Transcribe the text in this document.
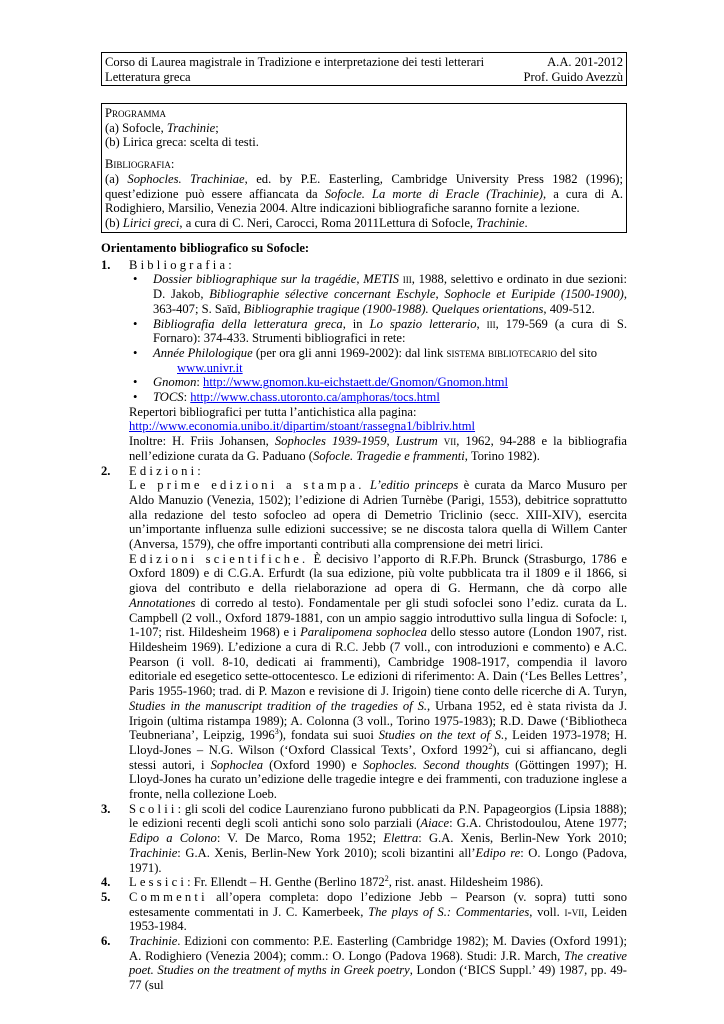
Corso di Laurea magistrale in Tradizione e interpretazione dei testi letterari	A.A. 201-2012
Letteratura greca	Prof. Guido Avezzù
Programma
(a) Sofocle, Trachinie;
(b) Lirica greca: scelta di testi.
Bibliografia:
(a) Sophocles. Trachiniae, ed. by P.E. Easterling, Cambridge University Press 1982 (1996); quest’edizione può essere affiancata da Sofocle. La morte di Eracle (Trachinie), a cura di A. Rodighiero, Marsilio, Venezia 2004. Altre indicazioni bibliografiche saranno fornite a lezione.
(b) Lirici greci, a cura di C. Neri, Carocci, Roma 2011Lettura di Sofocle, Trachinie.
Orientamento bibliografico su Sofocle:
1. Bibliografia:
• Dossier bibliographique sur la tragédie, METIS iii, 1988, selettivo e ordinato in due sezioni: D. Jakob, Bibliographie sélective concernant Eschyle, Sophocle et Euripide (1500-1900), 363-407; S. Saïd, Bibliographie tragique (1900-1988). Quelques orientations, 409-512.
• Bibliografia della letteratura greca, in Lo spazio letterario, iii, 179-569 (a cura di S. Fornaro): 374-433. Strumenti bibliografici in rete:
• Année Philologique (per ora gli anni 1969-2002): dal link sistema bibliotecario del sito
www.univr.it
• Gnomon: http://www.gnomon.ku-eichstaett.de/Gnomon/Gnomon.html
• TOCS: http://www.chass.utoronto.ca/amphoras/tocs.html
Repertori bibliografici per tutta l’antichistica alla pagina:
http://www.economia.unibo.it/dipartim/stoant/rassegna1/biblriv.html
Inoltre: H. Friis Johansen, Sophocles 1939-1959, Lustrum vii, 1962, 94-288 e la bibliografia nell’edizione curata da G. Paduano (Sofocle. Tragedie e frammenti, Torino 1982).
2. Edizioni:
Le prime edizioni a stampa. L’editio princeps è curata da Marco Musuro per Aldo Manuzio (Venezia, 1502); l’edizione di Adrien Turnèbe (Parigi, 1553), debitrice soprattutto alla redazione del testo sofocleo ad opera di Demetrio Triclinio (secc. XIII-XIV), esercita un’importante influenza sulle edizioni successive; se ne discosta talora quella di Willem Canter (Anversa, 1579), che offre importanti contributi alla comprensione dei metri lirici.
Edizioni scientifiche. È decisivo l’apporto di R.F.Ph. Brunck (Strasburgo, 1786 e Oxford 1809) e di C.G.A. Erfurdt (la sua edizione, più volte pubblicata tra il 1809 e il 1866, si giova del contributo e della rielaborazione ad opera di G. Hermann, che dà corpo alle Annotationes di corredo al testo). Fondamentale per gli studi sofoclei sono l’ediz. curata da L. Campbell (2 voll., Oxford 1879-1881, con un ampio saggio introduttivo sulla lingua di Sofocle: i, 1-107; rist. Hildesheim 1968) e i Paralipomena sophoclea dello stesso autore (London 1907, rist. Hildesheim 1969). L’edizione a cura di R.C. Jebb (7 voll., con introduzioni e commento) e A.C. Pearson (i voll. 8-10, dedicati ai frammenti), Cambridge 1908-1917, compendia il lavoro editoriale ed esegetico sette-ottocentesco. Le edizioni di riferimento: A. Dain (‘Les Belles Lettres’, Paris 1955-1960; trad. di P. Mazon e revisione di J. Irigoin) tiene conto delle ricerche di A. Turyn, Studies in the manuscript tradition of the tragedies of S., Urbana 1952, ed è stata rivista da J. Irigoin (ultima ristampa 1989); A. Colonna (3 voll., Torino 1975-1983); R.D. Dawe (‘Bibliotheca Teubneriana’, Leipzig, 1996$^3$), fondata sui suoi Studies on the text of S., Leiden 1973-1978; H. Lloyd-Jones – N.G. Wilson (‘Oxford Classical Texts’, Oxford 1992$^2$), cui si affiancano, degli stessi autori, i Sophoclea (Oxford 1990) e Sophocles. Second thoughts (Göttingen 1997); H. Lloyd-Jones ha curato un’edizione delle tragedie integre e dei frammenti, con traduzione inglese a fronte, nella collezione Loeb.
3. Scolii: gli scoli del codice Laurenziano furono pubblicati da P.N. Papageorgios (Lipsia 1888); le edizioni recenti degli scoli antichi sono solo parziali (Aiace: G.A. Christodoulou, Atene 1977; Edipo a Colono: V. De Marco, Roma 1952; Elettra: G.A. Xenis, Berlin-New York 2010; Trachinie: G.A. Xenis, Berlin-New York 2010); scoli bizantini all’Edipo re: O. Longo (Padova, 1971).
4. Lessici: Fr. Ellendt – H. Genthe (Berlino 1872$^2$, rist. anast. Hildesheim 1986).
5. Commenti all’opera completa: dopo l’edizione Jebb – Pearson (v. sopra) tutti sono estesamente commentati in J. C. Kamerbeek, The plays of S.: Commentaries, voll. i-vii, Leiden 1953-1984.
6. Trachinie. Edizioni con commento: P.E. Easterling (Cambridge 1982); M. Davies (Oxford 1991); A. Rodighiero (Venezia 2004); comm.: O. Longo (Padova 1968). Studi: J.R. March, The creative poet. Studies on the treatment of myths in Greek poetry, London (‘BICS Suppl.’ 49) 1987, pp. 49-77 (sul
